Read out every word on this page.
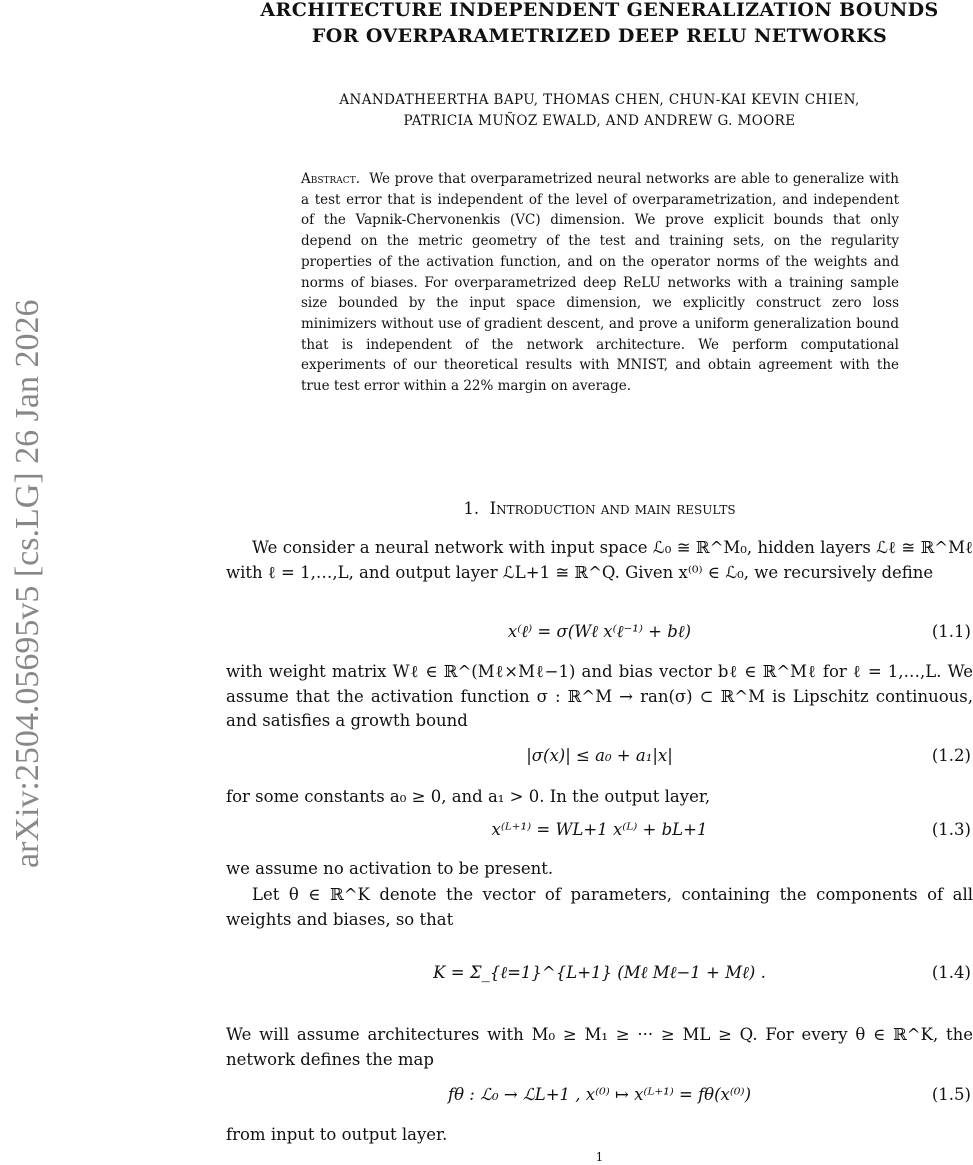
arXiv:2504.05695v5 [cs.LG] 26 Jan 2026
ARCHITECTURE INDEPENDENT GENERALIZATION BOUNDS
FOR OVERPARAMETRIZED DEEP RELU NETWORKS
ANANDATHEERTHA BAPU, THOMAS CHEN, CHUN-KAI KEVIN CHIEN,
PATRICIA MUÑOZ EWALD, AND ANDREW G. MOORE
Abstract. We prove that overparametrized neural networks are able to generalize with a test error that is independent of the level of overparametrization, and independent of the Vapnik-Chervonenkis (VC) dimension. We prove explicit bounds that only depend on the metric geometry of the test and training sets, on the regularity properties of the activation function, and on the operator norms of the weights and norms of biases. For overparametrized deep ReLU networks with a training sample size bounded by the input space dimension, we explicitly construct zero loss minimizers without use of gradient descent, and prove a uniform generalization bound that is independent of the network architecture. We perform computational experiments of our theoretical results with MNIST, and obtain agreement with the true test error within a 22% margin on average.
1. Introduction and main results
We consider a neural network with input space ℒ₀ ≅ ℝ^M₀, hidden layers ℒℓ ≅ ℝ^Mℓ with ℓ = 1,…,L, and output layer ℒL+1 ≅ ℝ^Q. Given x⁽⁰⁾ ∈ ℒ₀, we recursively define
x⁽ℓ⁾ = σ(Wℓ x⁽ℓ⁻¹⁾ + bℓ)	(1.1)
with weight matrix Wℓ ∈ ℝ^(Mℓ×Mℓ−1) and bias vector bℓ ∈ ℝ^Mℓ for ℓ = 1,…,L. We assume that the activation function σ : ℝ^M → ran(σ) ⊂ ℝ^M is Lipschitz continuous, and satisfies a growth bound
|σ(x)| ≤ a₀ + a₁|x|	(1.2)
for some constants a₀ ≥ 0, and a₁ > 0. In the output layer,
x⁽ᴸ⁺¹⁾ = WL+1 x⁽ᴸ⁾ + bL+1	(1.3)
we assume no activation to be present.
Let θ ∈ ℝ^K denote the vector of parameters, containing the components of all weights and biases, so that
K = Σ_{ℓ=1}^{L+1} (Mℓ Mℓ−1 + Mℓ) .	(1.4)
We will assume architectures with M₀ ≥ M₁ ≥ ··· ≥ ML ≥ Q. For every θ ∈ ℝ^K, the network defines the map
fθ : ℒ₀ → ℒL+1 , x⁽⁰⁾ ↦ x⁽ᴸ⁺¹⁾ = fθ(x⁽⁰⁾)	(1.5)
from input to output layer.
1
